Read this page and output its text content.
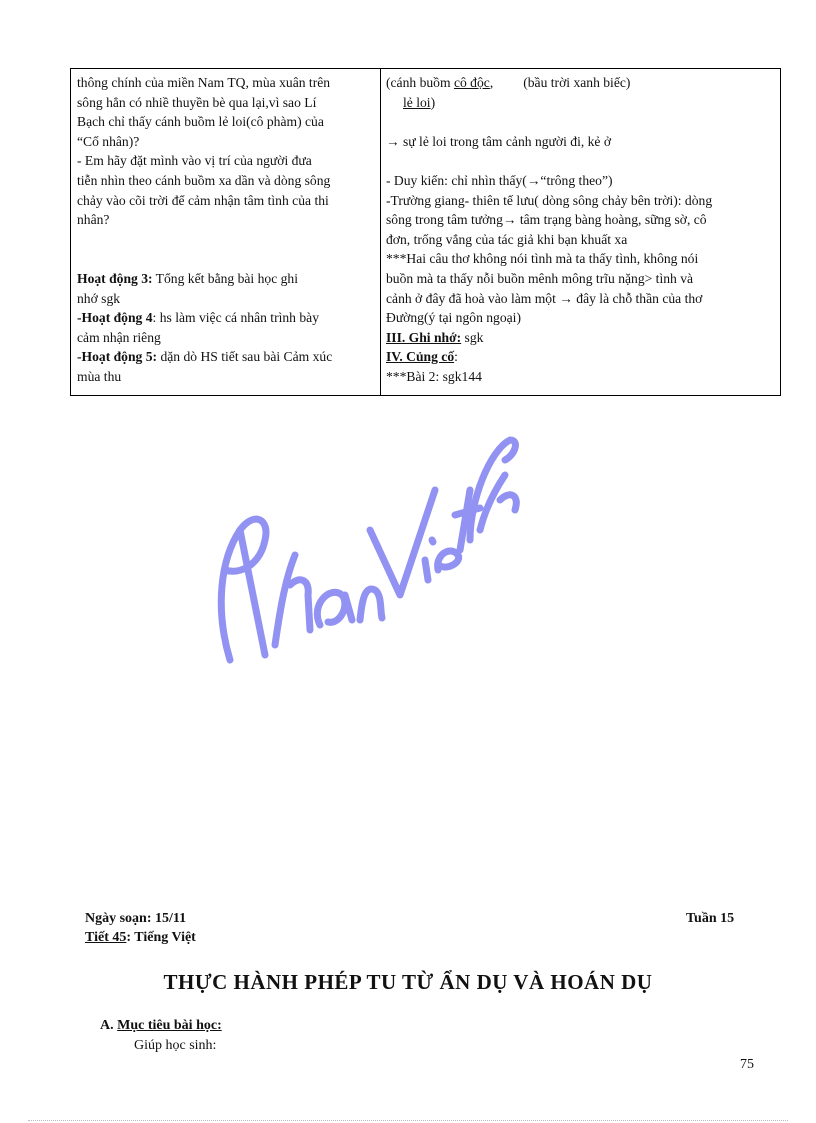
thông chính của miền Nam TQ, mùa xuân trên
sông hẳn có nhiề thuyền bè qua lại,vì sao Lí
Bạch chỉ thấy cánh buồm lẻ loi(cô phàm) của
“Cố nhân)?
- Em hãy đặt mình vào vị trí của người đưa
tiễn nhìn theo cánh buồm xa dần và dòng sông
chảy vào cõi trời để cảm nhận tâm tình của thi
nhân?
Hoạt động 3: Tổng kết bằng bài học ghi
nhớ sgk
-Hoạt động 4: hs làm việc cá nhân trình bày
cảm nhận riêng
-Hoạt động 5: dặn dò HS tiết sau bài Cảm xúc
mùa thu
(cánh buồm cô độc, (bầu trời xanh biếc)
lẻ loi)
→ sự lẻ loi trong tâm cảnh người đi, kẻ ở
- Duy kiến: chỉ nhìn thấy(→“trông theo”)
-Trường giang- thiên tế lưu( dòng sông chảy bên trời): dòng
sông trong tâm tưởng→ tâm trạng bàng hoàng, sững sờ, cô
đơn, trống vắng của tác giả khi bạn khuất xa
***Hai câu thơ không nói tình mà ta thấy tình, không nói
buồn mà ta thấy nỗi buồn mênh mông trĩu nặng> tình và
cảnh ở đây đã hoà vào làm một → đây là chỗ thần của thơ
Đường(ý tại ngôn ngoại)
III. Ghi nhớ: sgk
IV. Củng cố:
***Bài 2: sgk144
Ngày soạn: 15/11	Tuần 15
Tiết 45: Tiếng Việt
THỰC HÀNH PHÉP TU TỪ ẨN DỤ VÀ HOÁN DỤ
A. Mục tiêu bài học:
Giúp học sinh:
75
